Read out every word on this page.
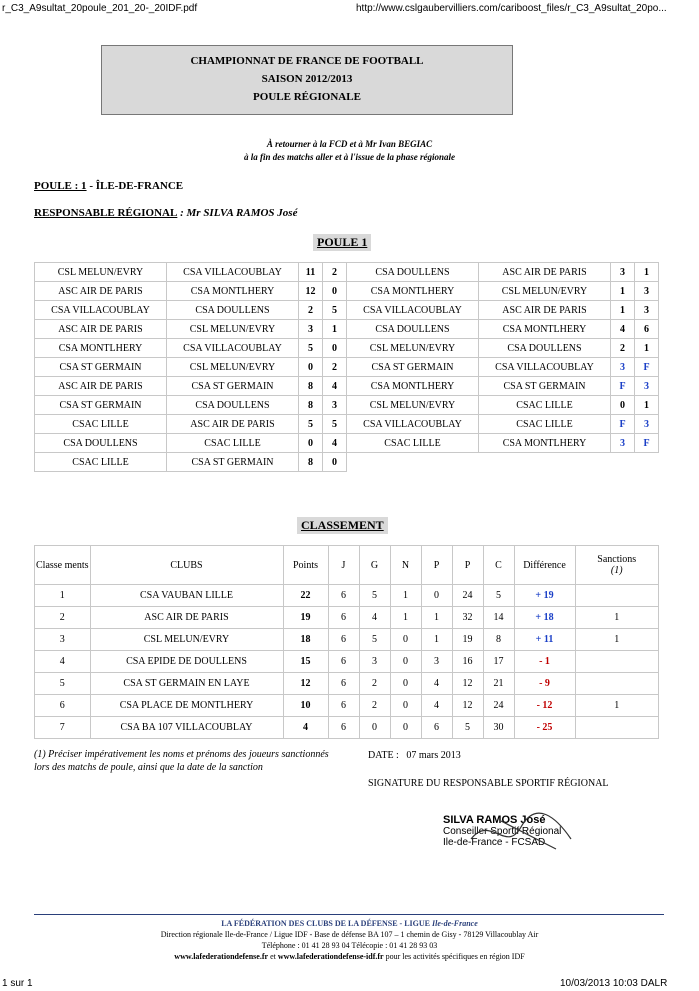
r_C3_A9sultat_20poule_201_20-_20IDF.pdf	http://www.cslgaubervilliers.com/cariboost_files/r_C3_A9sultat_20po...
CHAMPIONNAT DE FRANCE DE FOOTBALL
SAISON 2012/2013
POULE RÉGIONALE
À retourner à la FCD et à Mr Ivan BEGIAC
à la fin des matchs aller et à l'issue de la phase régionale
POULE : 1 - ÎLE-DE-FRANCE
RESPONSABLE RÉGIONAL : Mr SILVA RAMOS José
POULE 1
CSL MELUN/EVRY	CSA VILLACOUBLAY	11	2	CSA DOULLENS	ASC AIR DE PARIS	3	1
ASC AIR DE PARIS	CSA MONTLHERY	12	0	CSA MONTLHERY	CSL MELUN/EVRY	1	3
CSA VILLACOUBLAY	CSA DOULLENS	2	5	CSA VILLACOUBLAY	ASC AIR DE PARIS	1	3
ASC AIR DE PARIS	CSL MELUN/EVRY	3	1	CSA DOULLENS	CSA MONTLHERY	4	6
CSA MONTLHERY	CSA VILLACOUBLAY	5	0	CSL MELUN/EVRY	CSA DOULLENS	2	1
CSA ST GERMAIN	CSL MELUN/EVRY	0	2	CSA ST GERMAIN	CSA VILLACOUBLAY	3	F
ASC AIR DE PARIS	CSA ST GERMAIN	8	4	CSA MONTLHERY	CSA ST GERMAIN	F	3
CSA ST GERMAIN	CSA DOULLENS	8	3	CSL MELUN/EVRY	CSAC LILLE	0	1
CSAC LILLE	ASC AIR DE PARIS	5	5	CSA VILLACOUBLAY	CSAC LILLE	F	3
CSA DOULLENS	CSAC LILLE	0	4	CSAC LILLE	CSA MONTLHERY	3	F
CSAC LILLE	CSA ST GERMAIN	8	0				
CLASSEMENT
Classe ments	CLUBS	Points	J	G	N	P	P	C	Différence	Sanctions
(1)

1	CSA VAUBAN LILLE	22	6	5	1	0	24	5	+ 19	
2	ASC AIR DE PARIS	19	6	4	1	1	32	14	+ 18	1
3	CSL MELUN/EVRY	18	6	5	0	1	19	8	+ 11	1
4	CSA EPIDE DE DOULLENS	15	6	3	0	3	16	17	- 1	
5	CSA ST GERMAIN EN LAYE	12	6	2	0	4	12	21	- 9	
6	CSA PLACE DE MONTLHERY	10	6	2	0	4	12	24	- 12	1
7	CSA BA 107 VILLACOUBLAY	4	6	0	0	6	5	30	- 25	
(1) Préciser impérativement les noms et prénoms des joueurs sanctionnés lors des matchs de poule, ainsi que la date de la sanction
DATE : 07 mars 2013
SIGNATURE DU RESPONSABLE SPORTIF RÉGIONAL
SILVA RAMOS José
Conseiller Sportif Régional
Ile-de-France - FCSAD
LA FÉDÉRATION DES CLUBS DE LA DÉFENSE - LIGUE Ile-de-France
Direction régionale Ile-de-France / Ligue IDF - Base de défense BA 107 – 1 chemin de Gisy - 78129 Villacoublay Air
Téléphone : 01 41 28 93 04 Télécopie : 01 41 28 93 03
www.lafederationdefense.fr et www.lafederationdefense-idf.fr pour les activités spécifiques en région IDF
1 sur 1	10/03/2013 10:03 DALR
